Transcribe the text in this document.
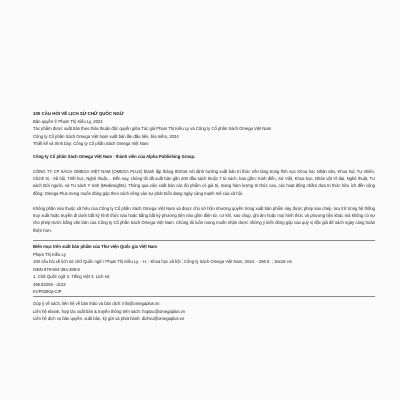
100 CÂU HỎI VỀ LỊCH SỬ CHỮ QUỐC NGỮ
Bản quyền © Phạm Thị Kiều Ly, 2024
Tác phẩm được xuất bản theo thỏa thuận độc quyền giữa Tác giả Phạm Thị Kiều Ly và Công ty Cổ phần Sách Omega Việt Nam
Công ty Cổ phần Sách Omega Việt Nam xuất bản lần đầu tiên, bìa mềm, 2024
Thiết kế và trình bày: Công ty Cổ phần Sách Omega Việt Nam
Công ty Cổ phần Sách Omega Việt Nam - thành viên của Alpha Publishing Group.
CÔNG TY CP SÁCH OMEGA VIỆT NAM (OMEGA PLUS) thành lập tháng 8/2016 với định hướng xuất bản tri thức nền tảng trong lĩnh vực Khoa học Nhân văn, Khoa học Tự nhiên, Chính trị - Xã hội, Triết học, Nghệ thuật.... Đến nay, chúng tôi đã xuất bản gần 200 đầu sách thuộc 7 tủ sách, bao gồm: Kinh điển, Sử Việt, Khoa học, Nhân vật Vĩ đại, Nghệ thuật, Tư sách Đời người, và Tư sách Y sinh (Medinsights). Thông qua việc xuất bản các ấn phẩm có giá trị, mang hàm lượng tri thức cao, các hoạt động nhằm đưa tri thức hữu ích đến cộng đồng; Omega Plus mong muốn đóng góp theo cách riêng vào sự phát triển đang ngày càng mạnh mẽ của xã hội.
Không phần nào thuộc xã hữu của Công ty Cổ phần Sách Omega Việt Nam và được chủ sở hữu nhượng quyền trong xuất bản phẩm này được phép sao chép, lưu trữ trong hệ thống truy xuất hoặc truyền đi dưới bất kỳ hình thức nào hoặc bằng bất kỳ phương tiện nào gồm điện tử, cơ khí, sao chụp, ghi âm hoặc mọi hình thức và phương tiện khác mà không có sự cho phép trước bằng văn bản của Công ty Cổ phần Sách Omega Việt Nam. Chúng tôi luôn mong muốn nhận được những ý kiến đóng góp của quý vị độc giả để sách ngày càng hoàn thiện hơn.
Biên mục trên xuất bản phẩm của Thư viện Quốc gia Việt Nam
Phạm Thị Kiều Ly
100 câu hỏi về lịch sử chữ Quốc ngữ / Phạm Thị Kiều Ly. - H. : Khoa học xã hội ; Công ty Sách Omega Việt Nam, 2024. - 256 tr. ; 16x18 cm
ISBN 978-604-394-289-6
1. Chữ Quốc ngữ 2. Tiếng Việt 3. Lịch sử
495.92209 - dc23
KVP0290p-CIP
Góp ý về sách, liên hệ về bản thảo và bản dịch: info@omegaplus.vn
Liên hệ ebook, hợp tác xuất bản & truyền thông trên sách: hoptac@omegaplus.vn
Liên hệ dịch vụ bản quyền, xuất bản, ký gửi và phát hành: dichvu@omegaplus.vn
